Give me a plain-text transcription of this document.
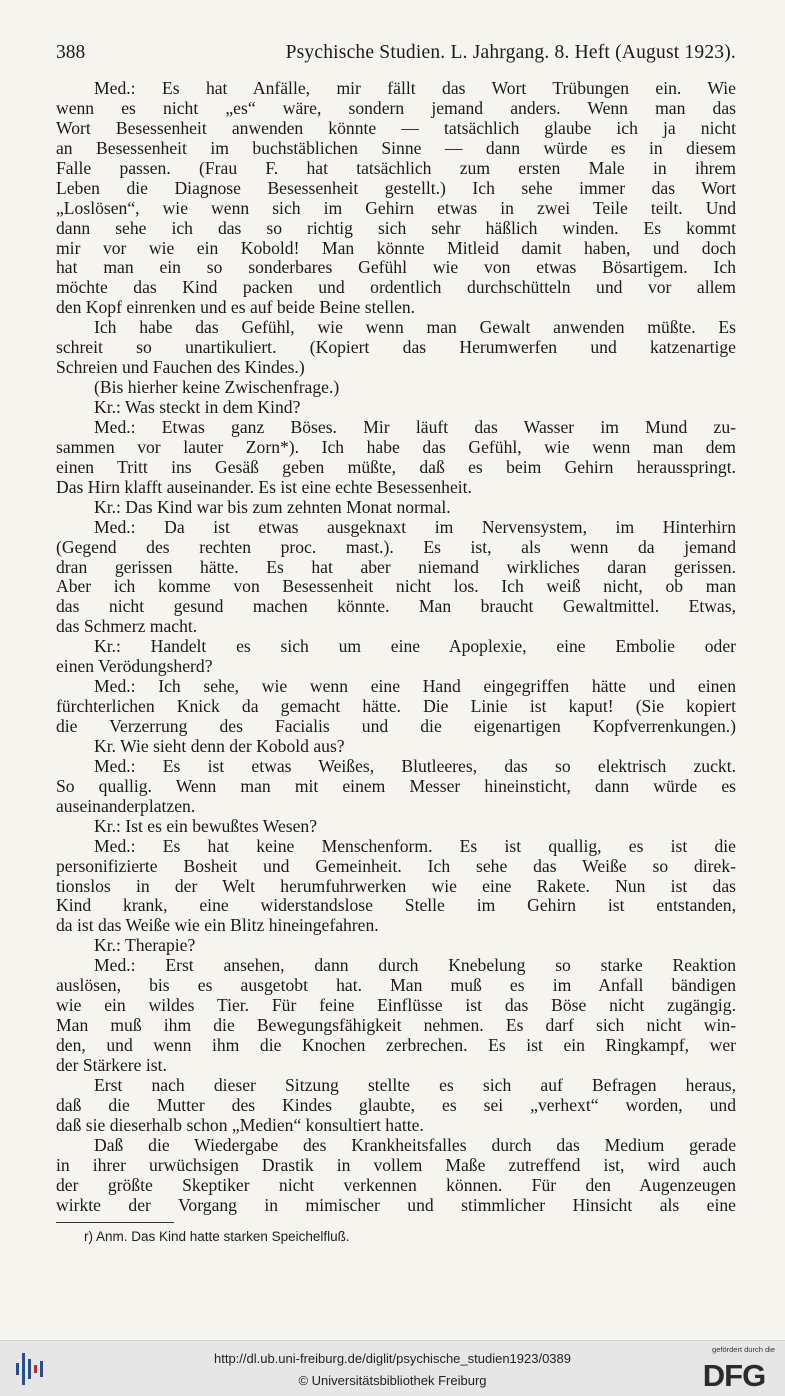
388	Psychische Studien. L. Jahrgang. 8. Heft (August 1923).
Med.: Es hat Anfälle, mir fällt das Wort Trübungen ein. Wie
wenn es nicht „es“ wäre, sondern jemand anders. Wenn man das
Wort Besessenheit anwenden könnte — tatsächlich glaube ich ja nicht
an Besessenheit im buchstäblichen Sinne — dann würde es in diesem
Falle passen. (Frau F. hat tatsächlich zum ersten Male in ihrem
Leben die Diagnose Besessenheit gestellt.) Ich sehe immer das Wort
„Loslösen“, wie wenn sich im Gehirn etwas in zwei Teile teilt. Und
dann sehe ich das so richtig sich sehr häßlich winden. Es kommt
mir vor wie ein Kobold! Man könnte Mitleid damit haben, und doch
hat man ein so sonderbares Gefühl wie von etwas Bösartigem. Ich
möchte das Kind packen und ordentlich durchschütteln und vor allem
den Kopf einrenken und es auf beide Beine stellen.
Ich habe das Gefühl, wie wenn man Gewalt anwenden müßte. Es
schreit so unartikuliert. (Kopiert das Herumwerfen und katzenartige
Schreien und Fauchen des Kindes.)
(Bis hierher keine Zwischenfrage.)
Kr.: Was steckt in dem Kind?
Med.: Etwas ganz Böses. Mir läuft das Wasser im Mund zu-
sammen vor lauter Zorn*). Ich habe das Gefühl, wie wenn man dem
einen Tritt ins Gesäß geben müßte, daß es beim Gehirn herausspringt.
Das Hirn klafft auseinander. Es ist eine echte Besessenheit.
Kr.: Das Kind war bis zum zehnten Monat normal.
Med.: Da ist etwas ausgeknaxt im Nervensystem, im Hinterhirn
(Gegend des rechten proc. mast.). Es ist, als wenn da jemand
dran gerissen hätte. Es hat aber niemand wirkliches daran gerissen.
Aber ich komme von Besessenheit nicht los. Ich weiß nicht, ob man
das nicht gesund machen könnte. Man braucht Gewaltmittel. Etwas,
das Schmerz macht.
Kr.: Handelt es sich um eine Apoplexie, eine Embolie oder
einen Verödungsherd?
Med.: Ich sehe, wie wenn eine Hand eingegriffen hätte und einen
fürchterlichen Knick da gemacht hätte. Die Linie ist kaput! (Sie kopiert
die Verzerrung des Facialis und die eigenartigen Kopfverrenkungen.)
Kr. Wie sieht denn der Kobold aus?
Med.: Es ist etwas Weißes, Blutleeres, das so elektrisch zuckt.
So quallig. Wenn man mit einem Messer hineinsticht, dann würde es
auseinanderplatzen.
Kr.: Ist es ein bewußtes Wesen?
Med.: Es hat keine Menschenform. Es ist quallig, es ist die
personifizierte Bosheit und Gemeinheit. Ich sehe das Weiße so direk-
tionslos in der Welt herumfuhrwerken wie eine Rakete. Nun ist das
Kind krank, eine widerstandslose Stelle im Gehirn ist entstanden,
da ist das Weiße wie ein Blitz hineingefahren.
Kr.: Therapie?
Med.: Erst ansehen, dann durch Knebelung so starke Reaktion
auslösen, bis es ausgetobt hat. Man muß es im Anfall bändigen
wie ein wildes Tier. Für feine Einflüsse ist das Böse nicht zugängig.
Man muß ihm die Bewegungsfähigkeit nehmen. Es darf sich nicht win-
den, und wenn ihm die Knochen zerbrechen. Es ist ein Ringkampf, wer
der Stärkere ist.
Erst nach dieser Sitzung stellte es sich auf Befragen heraus,
daß die Mutter des Kindes glaubte, es sei „verhext“ worden, und
daß sie dieserhalb schon „Medien“ konsultiert hatte.
Daß die Wiedergabe des Krankheitsfalles durch das Medium gerade
in ihrer urwüchsigen Drastik in vollem Maße zutreffend ist, wird auch
der größte Skeptiker nicht verkennen können. Für den Augenzeugen
wirkte der Vorgang in mimischer und stimmlicher Hinsicht als eine
r) Anm. Das Kind hatte starken Speichelfluß.
http://dl.ub.uni-freiburg.de/diglit/psychische_studien1923/0389
© Universitätsbibliothek Freiburg
gefördert durch die
DFG
